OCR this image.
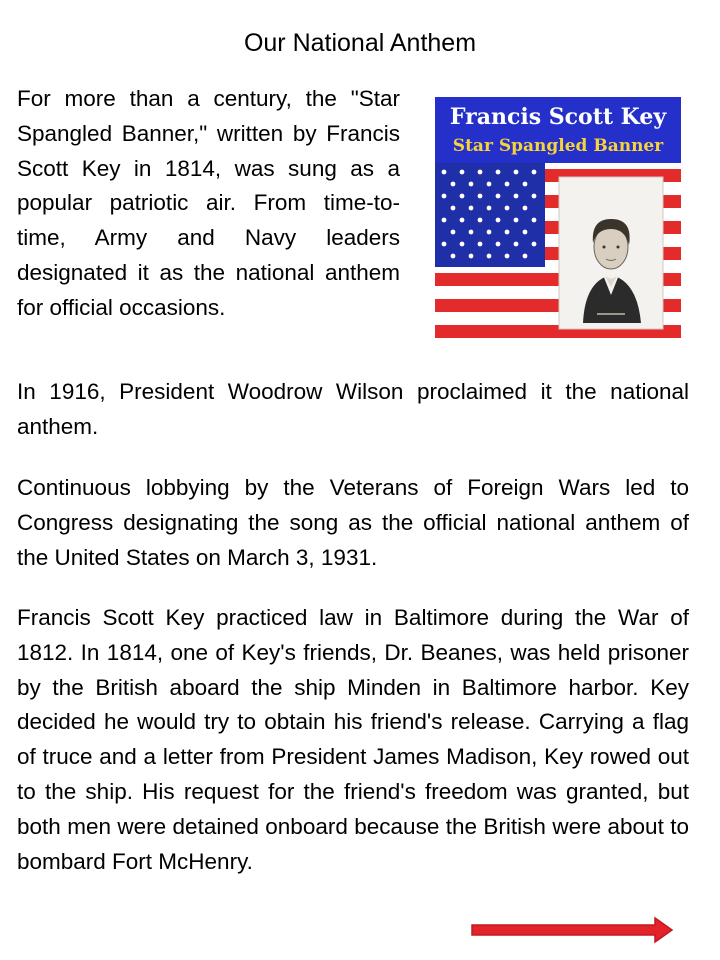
Our National Anthem

For more than a century, the "Star Spangled Banner," written by Francis Scott Key in 1814, was sung as a popular patriotic air. From time-to-time, Army and Navy leaders designated it as the national anthem for official occasions.

Francis Scott Key
Star Spangled Banner

In 1916, President Woodrow Wilson proclaimed it the national anthem.

Continuous lobbying by the Veterans of Foreign Wars led to Congress designating the song as the official national anthem of the United States on March 3, 1931.

Francis Scott Key practiced law in Baltimore during the War of 1812. In 1814, one of Key's friends, Dr. Beanes, was held prisoner by the British aboard the ship Minden in Baltimore harbor. Key decided he would try to obtain his friend's release. Carrying a flag of truce and a letter from President James Madison, Key rowed out to the ship. His request for the friend's freedom was granted, but both men were detained onboard because the British were about to bombard Fort McHenry.
